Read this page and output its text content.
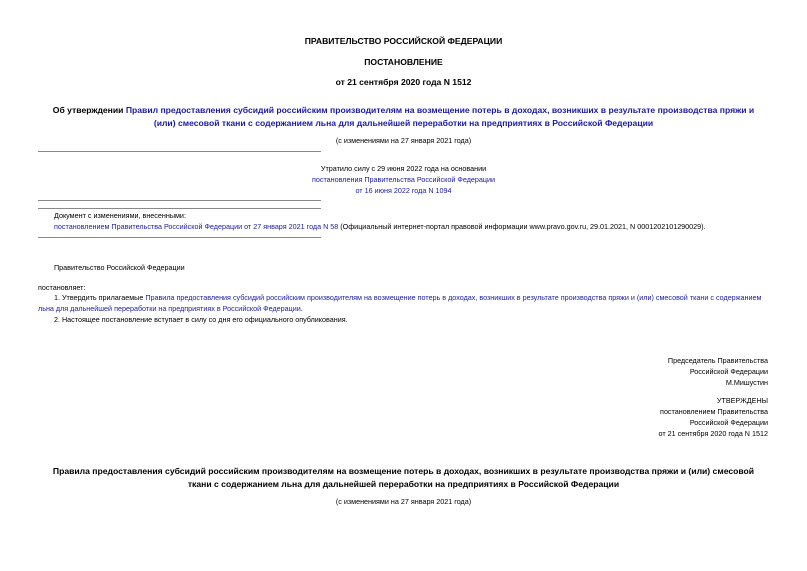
ПРАВИТЕЛЬСТВО РОССИЙСКОЙ ФЕДЕРАЦИИ
ПОСТАНОВЛЕНИЕ
от 21 сентября 2020 года N 1512
Об утверждении Правил предоставления субсидий российским производителям на возмещение потерь в доходах, возникших в результате производства пряжи и
(или) смесовой ткани с содержанием льна для дальнейшей переработки на предприятиях в Российской Федерации
(с изменениями на 27 января 2021 года)
Утратило силу с 29 июня 2022 года на основании
постановления Правительства Российской Федерации
от 16 июня 2022 года N 1094
Документ с изменениями, внесенными:
постановлением Правительства Российской Федерации от 27 января 2021 года N 58 (Официальный интернет-портал правовой информации www.pravo.gov.ru, 29.01.2021, N 0001202101290029).
Правительство Российской Федерации
постановляет:
1. Утвердить прилагаемые Правила предоставления субсидий российским производителям на возмещение потерь в доходах, возникших в результате производства пряжи и (или) смесовой ткани с содержанием
льна для дальнейшей переработки на предприятиях в Российской Федерации.
2. Настоящее постановление вступает в силу со дня его официального опубликования.
Председатель Правительства
Российской Федерации
М.Мишустин
УТВЕРЖДЕНЫ
постановлением Правительства
Российской Федерации
от 21 сентября 2020 года N 1512
Правила предоставления субсидий российским производителям на возмещение потерь в доходах, возникших в результате производства пряжи и (или) смесовой
ткани с содержанием льна для дальнейшей переработки на предприятиях в Российской Федерации
(с изменениями на 27 января 2021 года)
